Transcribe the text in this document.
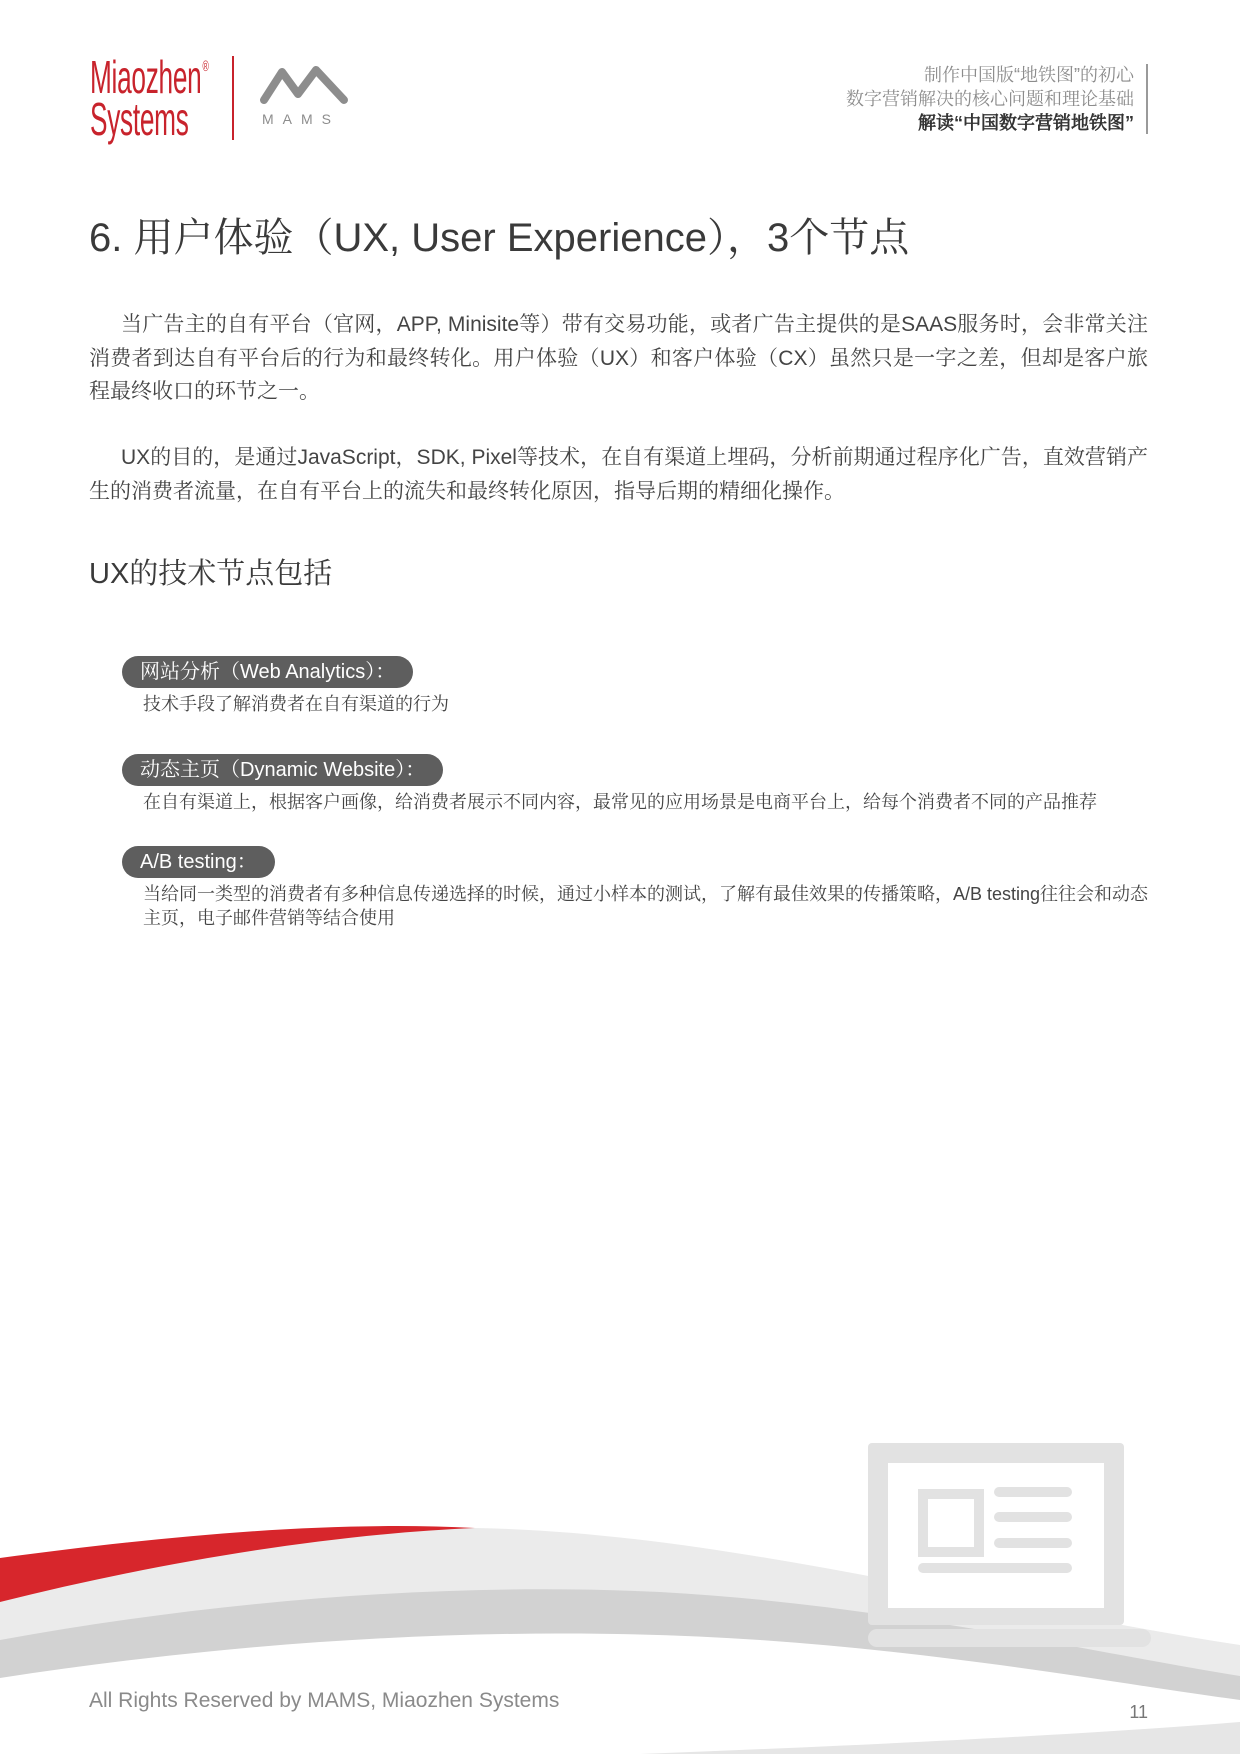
Miaozhen®
Systems	MAMS
制作中国版“地铁图”的初心
数字营销解决的核心问题和理论基础
解读“中国数字营销地铁图”
6. 用户体验（UX, User Experience），3个节点

当广告主的自有平台（官网，APP, Minisite等）带有交易功能，或者广告主提供的是SAAS服务时，会非常关注消费者到达自有平台后的行为和最终转化。用户体验（UX）和客户体验（CX）虽然只是一字之差，但却是客户旅程最终收口的环节之一。

UX的目的，是通过JavaScript，SDK, Pixel等技术，在自有渠道上埋码，分析前期通过程序化广告，直效营销产生的消费者流量，在自有平台上的流失和最终转化原因，指导后期的精细化操作。

UX的技术节点包括
网站分析（Web Analytics）：

技术手段了解消费者在自有渠道的行为

动态主页（Dynamic Website）：

在自有渠道上，根据客户画像，给消费者展示不同内容，最常见的应用场景是电商平台上，给每个消费者不同的产品推荐

A/B testing：

当给同一类型的消费者有多种信息传递选择的时候，通过小样本的测试，了解有最佳效果的传播策略，A/B testing往往会和动态主页，电子邮件营销等结合使用

All Rights Reserved by MAMS, Miaozhen Systems	11
